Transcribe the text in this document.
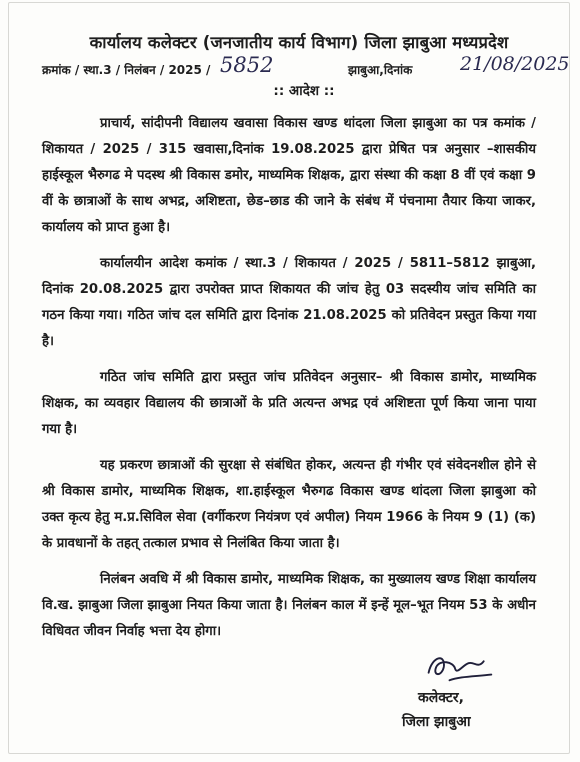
कार्यालय कलेक्टर (जनजातीय कार्य विभाग) जिला झाबुआ मध्यप्रदेश
क्रमांक / स्था.3 / निलंबन / 2025 / 5852	झाबुआ,दिनांक	21/08/2025
:: आदेश ::

प्राचार्य, सांदीपनी विद्यालय खवासा विकास खण्ड थांदला जिला झाबुआ का पत्र कमांक / शिकायत / 2025 / 315 खवासा,दिनांक 19.08.2025 द्वारा प्रेषित पत्र अनुसार –शासकीय हाईस्कूल भैरुगढ मे पदस्थ श्री विकास डमोर, माध्यमिक शिक्षक, द्वारा संस्था की कक्षा 8 वीं एवं कक्षा 9 वीं के छात्राओं के साथ अभद्र, अशिष्टता, छेड–छाड की जाने के संबंध में पंचनामा तैयार किया जाकर, कार्यालय को प्राप्त हुआ है।

कार्यालयीन आदेश कमांक / स्था.3 / शिकायत / 2025 / 5811–5812 झाबुआ, दिनांक 20.08.2025 द्वारा उपरोक्त प्राप्त शिकायत की जांच हेतु 03 सदस्यीय जांच समिति का गठन किया गया। गठित जांच दल समिति द्वारा दिनांक 21.08.2025 को प्रतिवेदन प्रस्तुत किया गया है।

गठित जांच समिति द्वारा प्रस्तुत जांच प्रतिवेदन अनुसार– श्री विकास डामोर, माध्यमिक शिक्षक, का व्यवहार विद्यालय की छात्राओं के प्रति अत्यन्त अभद्र एवं अशिष्टता पूर्ण किया जाना पाया गया है।

यह प्रकरण छात्राओं की सुरक्षा से संबंधित होकर, अत्यन्त ही गंभीर एवं संवेदनशील होने से श्री विकास डामोर, माध्यमिक शिक्षक, शा.हाईस्कूल भैरुगढ विकास खण्ड थांदला जिला झाबुआ को उक्त कृत्य हेतु म.प्र.सिविल सेवा (वर्गीकरण नियंत्रण एवं अपील) नियम 1966 के नियम 9 (1) (क) के प्रावधानों के तहत् तत्काल प्रभाव से निलंबित किया जाता है।

निलंबन अवधि में श्री विकास डामोर, माध्यमिक शिक्षक, का मुख्यालय खण्ड शिक्षा कार्यालय वि.ख. झाबुआ जिला झाबुआ नियत किया जाता है। निलंबन काल में इन्हें मूल–भूत नियम 53 के अधीन विधिवत जीवन निर्वाह भत्ता देय होगा।

कलेक्टर,
जिला झाबुआ
